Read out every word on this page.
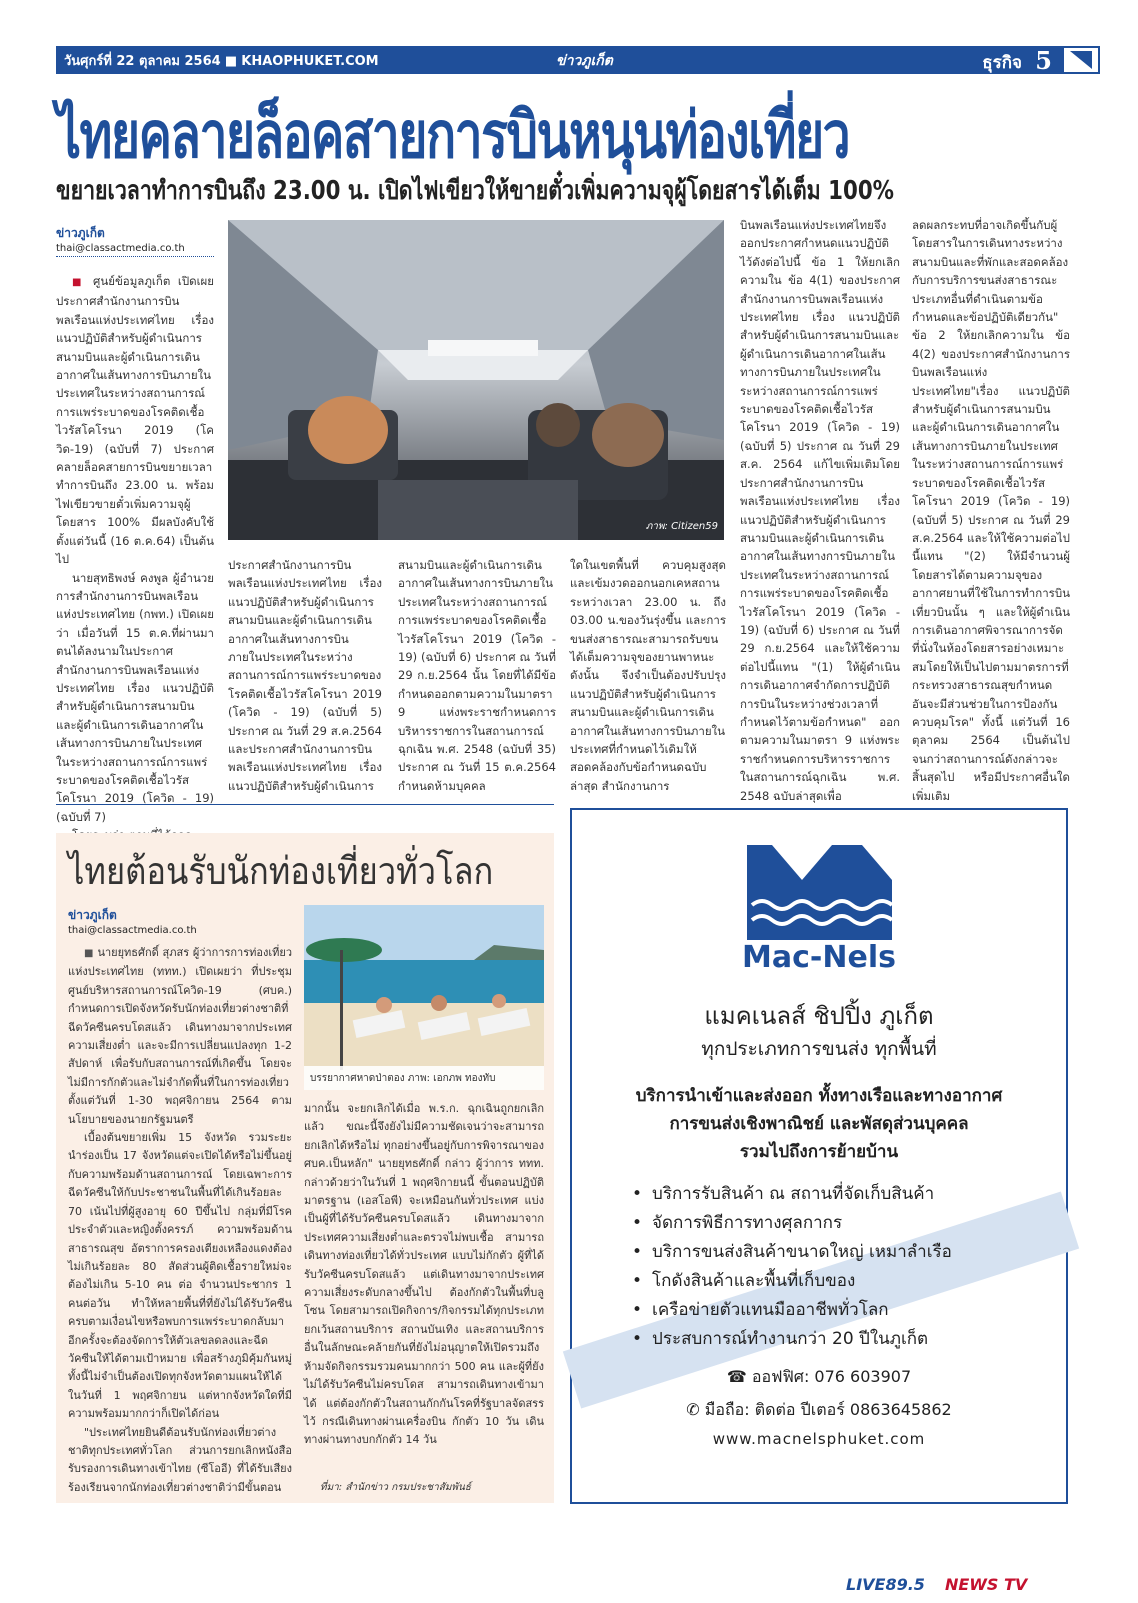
วันศุกร์ที่ 22 ตุลาคม 2564 ■ KHAOPHUKET.COM	ข่าวภูเก็ต	ธุรกิจ 5
ไทยคลายล็อคสายการบินหนุนท่องเที่ยว
ขยายเวลาทำการบินถึง 23.00 น. เปิดไฟเขียวให้ขายตั๋วเพิ่มความจุผู้โดยสารได้เต็ม 100%
ข่าวภูเก็ต
thai@classactmedia.co.th

■ ศูนย์ข้อมูลภูเก็ต เปิดเผยประกาศสำนักงานการบินพลเรือนแห่งประเทศไทย เรื่อง แนวปฏิบัติสำหรับผู้ดำเนินการสนามบินและผู้ดำเนินการเดินอากาศในเส้นทางการบินภายในประเทศในระหว่างสถานการณ์การแพร่ระบาดของโรคติดเชื้อไวรัสโคโรนา 2019 (โควิด-19) (ฉบับที่ 7) ประกาศคลายล็อคสายการบินขยายเวลาทำการบินถึง 23.00 น. พร้อมไฟเขียวขายตั๋วเพิ่มความจุผู้โดยสาร 100% มีผลบังคับใช้ตั้งแต่วันนี้ (16 ต.ค.64) เป็นต้นไป

นายสุทธิพงษ์ คงพูล ผู้อำนวยการสำนักงานการบินพลเรือนแห่งประเทศไทย (กพท.) เปิดเผยว่า เมื่อวันที่ 15 ต.ค.ที่ผ่านมา ตนได้ลงนามในประกาศสำนักงานการบินพลเรือนแห่งประเทศไทย เรื่อง แนวปฏิบัติสำหรับผู้ดำเนินการสนามบินและผู้ดำเนินการเดินอากาศในเส้นทางการบินภายในประเทศในระหว่างสถานการณ์การแพร่ระบาดของโรคติดเชื้อไวรัสโคโรนา 2019 (โควิด - 19) (ฉบับที่ 7)

ภาพ: Citizen59
ประกาศสำนักงานการบินพลเรือนแห่งประเทศไทย เรื่อง แนวปฏิบัติสำหรับผู้ดำเนินการสนามบินและผู้ดำเนินการเดินอากาศในเส้นทางการบินภายในประเทศในระหว่างสถานการณ์การแพร่ระบาดของโรคติดเชื้อไวรัสโคโรนา 2019 (โควิด - 19) (ฉบับที่ 5) ประกาศ ณ วันที่ 29 ส.ค.2564 และประกาศสำนักงานการบินพลเรือนแห่งประเทศไทย เรื่อง แนวปฏิบัติสำหรับผู้ดำเนินการ
สนามบินและผู้ดำเนินการเดินอากาศในเส้นทางการบินภายในประเทศในระหว่างสถานการณ์การแพร่ระบาดของโรคติดเชื้อไวรัสโคโรนา 2019 (โควิด - 19) (ฉบับที่ 6) ประกาศ ณ วันที่ 29 ก.ย.2564 นั้น โดยที่ได้มีข้อกำหนดออกตามความในมาตรา 9 แห่งพระราชกำหนดการบริหารราชการในสถานการณ์ฉุกเฉิน พ.ศ. 2548 (ฉบับที่ 35) ประกาศ ณ วันที่ 15 ต.ค.2564 กำหนดห้ามบุคคล
ใดในเขตพื้นที่ ควบคุมสูงสุดและเข้มงวดออกนอกเคหสถานระหว่างเวลา 23.00 น. ถึง 03.00 น.ของวันรุ่งขึ้น และการขนส่งสาธารณะสามารถรับขนได้เต็มความจุของยานพาหนะ ดังนั้น จึงจำเป็นต้องปรับปรุงแนวปฏิบัติสำหรับผู้ดำเนินการสนามบินและผู้ดำเนินการเดินอากาศในเส้นทางการบินภายในประเทศที่กำหนดไว้เดิมให้สอดคล้องกับข้อกำหนดฉบับล่าสุด สำนักงานการ
บินพลเรือนแห่งประเทศไทยจึงออกประกาศกำหนดแนวปฏิบัติไว้ดังต่อไปนี้ ข้อ 1 ให้ยกเลิกความใน ข้อ 4(1) ของประกาศสำนักงานการบินพลเรือนแห่งประเทศไทย เรื่อง แนวปฏิบัติสำหรับผู้ดำเนินการสนามบินและผู้ดำเนินการเดินอากาศในเส้นทางการบินภายในประเทศในระหว่างสถานการณ์การแพร่ระบาดของโรคติดเชื้อไวรัสโคโรนา 2019 (โควิด - 19) (ฉบับที่ 5) ประกาศ ณ วันที่ 29 ส.ค. 2564 แก้ไขเพิ่มเติมโดยประกาศสำนักงานการบินพลเรือนแห่งประเทศไทย เรื่อง แนวปฏิบัติสำหรับผู้ดำเนินการสนามบินและผู้ดำเนินการเดินอากาศในเส้นทางการบินภายในประเทศในระหว่างสถานการณ์การแพร่ระบาดของโรคติดเชื้อไวรัสโคโรนา 2019 (โควิด - 19) (ฉบับที่ 6) ประกาศ ณ วันที่ 29 ก.ย.2564 และให้ใช้ความต่อไปนี้แทน "(1) ให้ผู้ดำเนินการเดินอากาศจำกัดการปฏิบัติการบินในระหว่างช่วงเวลาที่กำหนดไว้ตามข้อกำหนด" ออกตามความในมาตรา 9 แห่งพระราชกำหนดการบริหารราชการในสถานการณ์ฉุกเฉิน พ.ศ. 2548 ฉบับล่าสุดเพื่อ
ลดผลกระทบที่อาจเกิดขึ้นกับผู้โดยสารในการเดินทางระหว่างสนามบินและที่พักและสอดคล้องกับการบริการขนส่งสาธารณะประเภทอื่นที่ดำเนินตามข้อกำหนดและข้อปฏิบัติเดียวกัน" ข้อ 2 ให้ยกเลิกความใน ข้อ 4(2) ของประกาศสำนักงานการบินพลเรือนแห่งประเทศไทย"เรื่อง แนวปฏิบัติสำหรับผู้ดำเนินการสนามบินและผู้ดำเนินการเดินอากาศในเส้นทางการบินภายในประเทศในระหว่างสถานการณ์การแพร่ระบาดของโรคติดเชื้อไวรัสโคโรนา 2019 (โควิด - 19) (ฉบับที่ 5) ประกาศ ณ วันที่ 29 ส.ค.2564 และให้ใช้ความต่อไปนี้แทน "(2) ให้มีจำนวนผู้โดยสารได้ตามความจุของอากาศยานที่ใช้ในการทำการบินเที่ยวบินนั้น ๆ และให้ผู้ดำเนินการเดินอากาศพิจารณาการจัดที่นั่งในห้องโดยสารอย่างเหมาะสมโดยให้เป็นไปตามมาตรการที่กระทรวงสาธารณสุขกำหนด อันจะมีส่วนช่วยในการป้องกันควบคุมโรค" ทั้งนี้ แต่วันที่ 16 ตุลาคม 2564 เป็นต้นไป จนกว่าสถานการณ์ดังกล่าวจะสิ้นสุดไป หรือมีประกาศอื่นใดเพิ่มเติม
ไทยต้อนรับนักท่องเที่ยวทั่วโลก
ข่าวภูเก็ต
thai@classactmedia.co.th

■ นายยุทธศักดิ์ สุภสร ผู้ว่าการการท่องเที่ยวแห่งประเทศไทย (ททท.) เปิดเผยว่า ที่ประชุมศูนย์บริหารสถานการณ์โควิด-19 (ศบค.) กำหนดการเปิดจังหวัดรับนักท่องเที่ยวต่างชาติที่ฉีดวัคซีนครบโดสแล้ว เดินทางมาจากประเทศความเสี่ยงต่ำ และจะมีการเปลี่ยนแปลงทุก 1-2 สัปดาห์ เพื่อรับกับสถานการณ์ที่เกิดขึ้น โดยจะไม่มีการกักตัวและไม่จำกัดพื้นที่ในการท่องเที่ยวตั้งแต่วันที่ 1-30 พฤศจิกายน 2564 ตามนโยบายของนายกรัฐมนตรี

เบื้องต้นขยายเพิ่ม 15 จังหวัด รวมระยะนำร่องเป็น 17 จังหวัดแต่จะเปิดได้หรือไม่ขึ้นอยู่กับความพร้อมด้านสถานการณ์ โดยเฉพาะการฉีดวัคซีนให้กับประชาชนในพื้นที่ได้เกินร้อยละ 70 เน้นไปที่ผู้สูงอายุ 60 ปีขึ้นไป กลุ่มที่มีโรคประจำตัวและหญิงตั้งครรภ์ ความพร้อมด้านสาธารณสุข อัตราการครองเตียงเหลืองแดงต้องไม่เกินร้อยละ 80 สัดส่วนผู้ติดเชื้อรายใหม่จะต้องไม่เกิน 5-10 คน ต่อ จำนวนประชากร 1 คนต่อวัน ทำให้หลายพื้นที่ที่ยังไม่ได้รับวัคซีนครบตามเงื่อนไขหรือพบการแพร่ระบาดกลับมาอีกครั้งจะต้องจัดการให้ตัวเลขลดลงและฉีดวัคซีนให้ได้ตามเป้าหมาย เพื่อสร้างภูมิคุ้มกันหมู่ ทั้งนี้ไม่จำเป็นต้องเปิดทุกจังหวัดตามแผนให้ได้ในวันที่ 1 พฤศจิกายน แต่หากจังหวัดใดที่มีความพร้อมมากกว่าก็เปิดได้ก่อน

"ประเทศไทยยินดีต้อนรับนักท่องเที่ยวต่างชาติทุกประเทศทั่วโลก ส่วนการยกเลิกหนังสือรับรองการเดินทางเข้าไทย (ซีโออี) ที่ได้รับเสียงร้องเรียนจากนักท่องเที่ยวต่างชาติว่ามีขั้นตอน

บรรยากาศหาดป่าตอง ภาพ: เอกภพ ทองทับ
มากนั้น จะยกเลิกได้เมื่อ พ.ร.ก. ฉุกเฉินถูกยกเลิกแล้ว ขณะนี้จึงยังไม่มีความชัดเจนว่าจะสามารถยกเลิกได้หรือไม่ ทุกอย่างขึ้นอยู่กับการพิจารณาของ ศบค.เป็นหลัก" นายยุทธศักดิ์ กล่าว ผู้ว่าการ ททท. กล่าวด้วยว่าในวันที่ 1 พฤศจิกายนนี้ ขั้นตอนปฏิบัติมาตรฐาน (เอสโอพี) จะเหมือนกันทั่วประเทศ แบ่งเป็นผู้ที่ได้รับวัคซีนครบโดสแล้ว เดินทางมาจากประเทศความเสี่ยงต่ำและตรวจไม่พบเชื้อ สามารถเดินทางท่องเที่ยวได้ทั่วประเทศ แบบไม่กักตัว ผู้ที่ได้รับวัคซีนครบโดสแล้ว แต่เดินทางมาจากประเทศความเสี่ยงระดับกลางขึ้นไป ต้องกักตัวในพื้นที่บลูโซน โดยสามารถเปิดกิจการ/กิจกรรมได้ทุกประเภท ยกเว้นสถานบริการ สถานบันเทิง และสถานบริการอื่นในลักษณะคล้ายกันที่ยังไม่อนุญาตให้เปิดรวมถึงห้ามจัดกิจกรรมรวมคนมากกว่า 500 คน และผู้ที่ยังไม่ได้รับวัคซีนไม่ครบโดส สามารถเดินทางเข้ามาได้ แต่ต้องกักตัวในสถานกักกันโรคที่รัฐบาลจัดสรรไว้ กรณีเดินทางผ่านเครื่องบิน กักตัว 10 วัน เดินทางผ่านทางบกกักตัว 14 วัน
ที่มา: สำนักข่าว กรมประชาสัมพันธ์
Mac-Nels
แมคเนลส์ ชิปปิ้ง ภูเก็ต
ทุกประเภทการขนส่ง ทุกพื้นที่
บริการนำเข้าและส่งออก ทั้งทางเรือและทางอากาศ
การขนส่งเชิงพาณิชย์ และพัสดุส่วนบุคคล
รวมไปถึงการย้ายบ้าน
• บริการรับสินค้า ณ สถานที่จัดเก็บสินค้า
• จัดการพิธีการทางศุลกากร
• บริการขนส่งสินค้าขนาดใหญ่ เหมาลำเรือ
• โกดังสินค้าและพื้นที่เก็บของ
• เครือข่ายตัวแทนมืออาชีพทั่วโลก
• ประสบการณ์ทำงานกว่า 20 ปีในภูเก็ต
☎ ออฟฟิศ: 076 603907
✆ มือถือ: ติดต่อ ปีเตอร์ 0863645862
www.macnelsphuket.com
LIVE89.5 NEWS TV
